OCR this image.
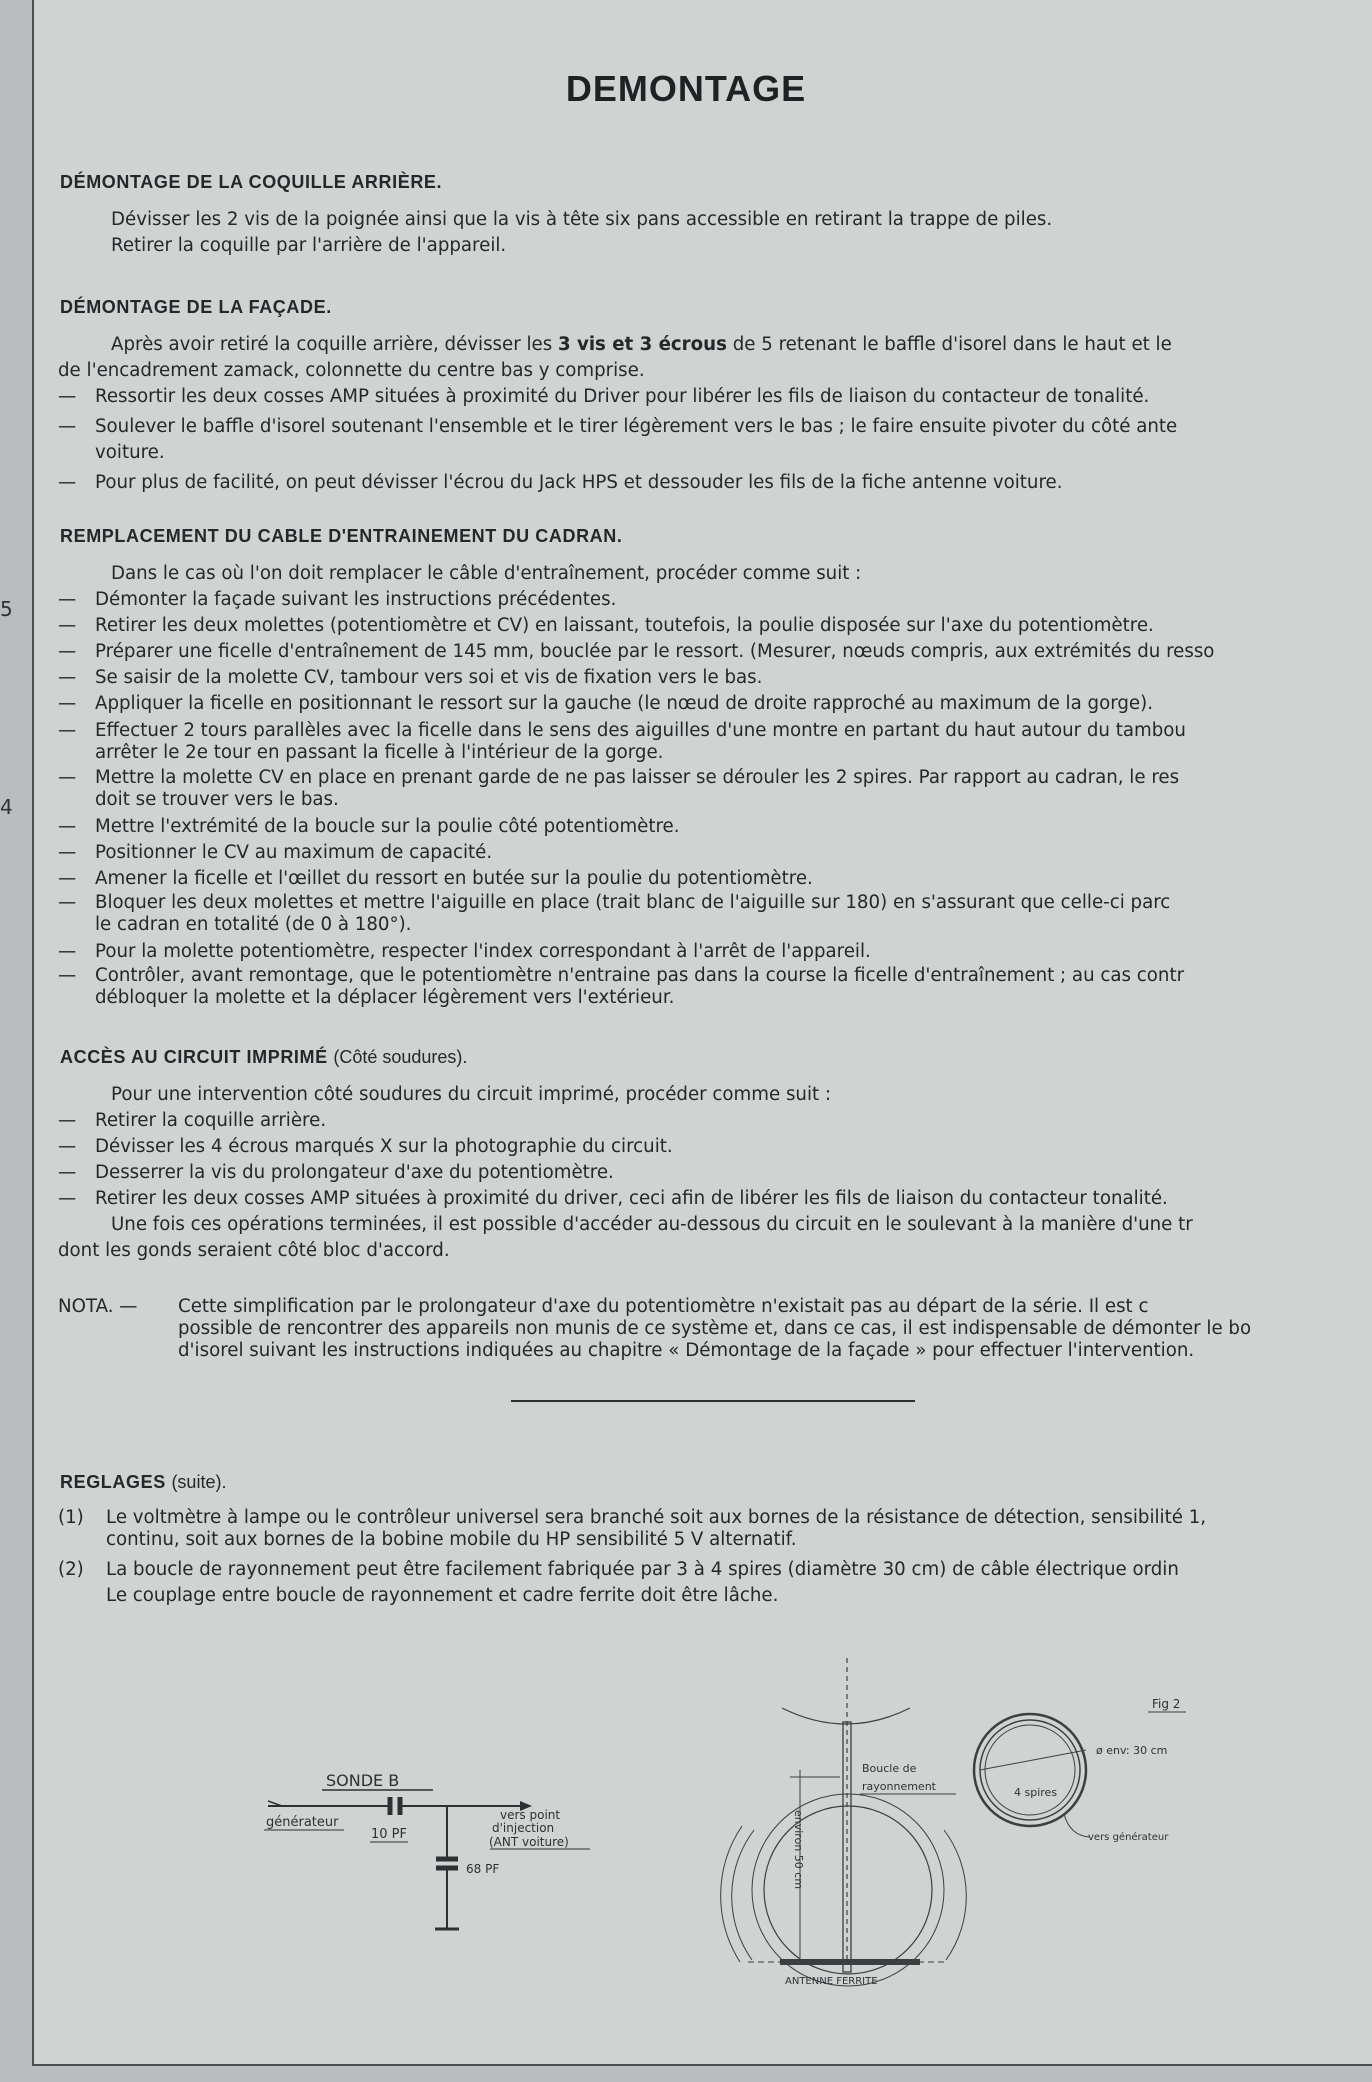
5
4
DEMONTAGE
DÉMONTAGE DE LA COQUILLE ARRIÈRE.

Dévisser les 2 vis de la poignée ainsi que la vis à tête six pans accessible en retirant la trappe de piles.

Retirer la coquille par l'arrière de l'appareil.

DÉMONTAGE DE LA FAÇADE.

Après avoir retiré la coquille arrière, dévisser les 3 vis et 3 écrous de 5 retenant le baffle d'isorel dans le haut et le

de l'encadrement zamack, colonnette du centre bas y comprise.

— Ressortir les deux cosses AMP situées à proximité du Driver pour libérer les fils de liaison du contacteur de tonalité.
— Soulever le baffle d'isorel soutenant l'ensemble et le tirer légèrement vers le bas ; le faire ensuite pivoter du côté ante
voiture.
— Pour plus de facilité, on peut dévisser l'écrou du Jack HPS et dessouder les fils de la fiche antenne voiture.
REMPLACEMENT DU CABLE D'ENTRAINEMENT DU CADRAN.

Dans le cas où l'on doit remplacer le câble d'entraînement, procéder comme suit :

— Démonter la façade suivant les instructions précédentes.
— Retirer les deux molettes (potentiomètre et CV) en laissant, toutefois, la poulie disposée sur l'axe du potentiomètre.
— Préparer une ficelle d'entraînement de 145 mm, bouclée par le ressort. (Mesurer, nœuds compris, aux extrémités du resso
— Se saisir de la molette CV, tambour vers soi et vis de fixation vers le bas.
— Appliquer la ficelle en positionnant le ressort sur la gauche (le nœud de droite rapproché au maximum de la gorge).
— Effectuer 2 tours parallèles avec la ficelle dans le sens des aiguilles d'une montre en partant du haut autour du tambou
arrêter le 2e tour en passant la ficelle à l'intérieur de la gorge.
— Mettre la molette CV en place en prenant garde de ne pas laisser se dérouler les 2 spires. Par rapport au cadran, le res
doit se trouver vers le bas.
— Mettre l'extrémité de la boucle sur la poulie côté potentiomètre.
— Positionner le CV au maximum de capacité.
— Amener la ficelle et l'œillet du ressort en butée sur la poulie du potentiomètre.
— Bloquer les deux molettes et mettre l'aiguille en place (trait blanc de l'aiguille sur 180) en s'assurant que celle-ci parc
le cadran en totalité (de 0 à 180°).
— Pour la molette potentiomètre, respecter l'index correspondant à l'arrêt de l'appareil.
— Contrôler, avant remontage, que le potentiomètre n'entraine pas dans la course la ficelle d'entraînement ; au cas contr
débloquer la molette et la déplacer légèrement vers l'extérieur.
ACCÈS AU CIRCUIT IMPRIMÉ (Côté soudures).

Pour une intervention côté soudures du circuit imprimé, procéder comme suit :

— Retirer la coquille arrière.
— Dévisser les 4 écrous marqués X sur la photographie du circuit.
— Desserrer la vis du prolongateur d'axe du potentiomètre.
— Retirer les deux cosses AMP situées à proximité du driver, ceci afin de libérer les fils de liaison du contacteur tonalité.

Une fois ces opérations terminées, il est possible d'accéder au-dessous du circuit en le soulevant à la manière d'une tr

dont les gonds seraient côté bloc d'accord.

NOTA. —	Cette simplification par le prolongateur d'axe du potentiomètre n'existait pas au départ de la série. Il est c
possible de rencontrer des appareils non munis de ce système et, dans ce cas, il est indispensable de démonter le bo
d'isorel suivant les instructions indiquées au chapitre « Démontage de la façade » pour effectuer l'intervention.
REGLAGES (suite).
(1) Le voltmètre à lampe ou le contrôleur universel sera branché soit aux bornes de la résistance de détection, sensibilité 1,
continu, soit aux bornes de la bobine mobile du HP sensibilité 5 V alternatif.
(2) La boucle de rayonnement peut être facilement fabriquée par 3 à 4 spires (diamètre 30 cm) de câble électrique ordin
Le couplage entre boucle de rayonnement et cadre ferrite doit être lâche.
SONDE B
générateur
10 PF
68 PF
vers point
d'injection
(ANT voiture)
Boucle de
rayonnement
environ 50 cm
ANTENNE FERRITE
Fig 2
ø env: 30 cm
4 spires
vers générateur
